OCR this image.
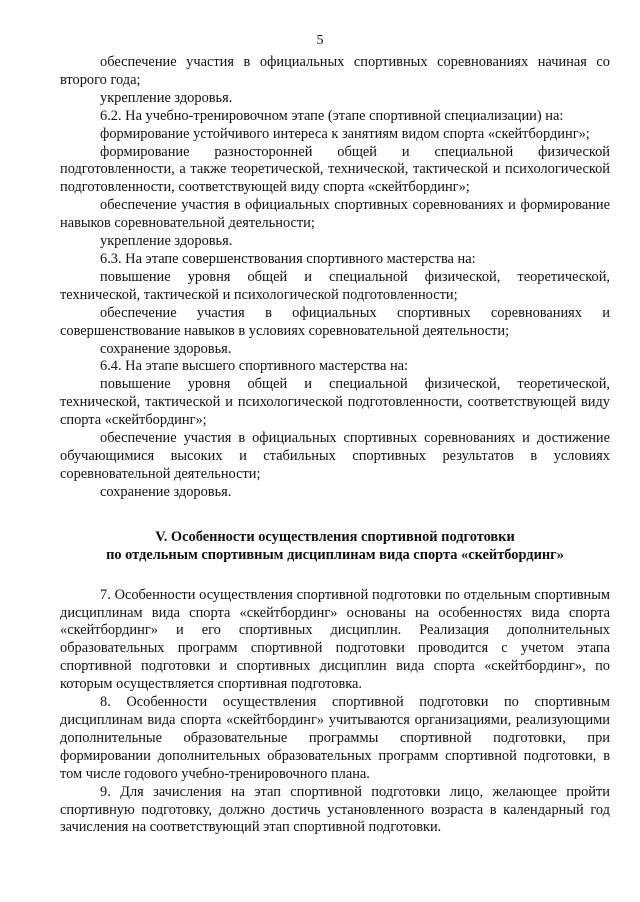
5

обеспечение участия в официальных спортивных соревнованиях начиная со второго года;

укрепление здоровья.

6.2. На учебно-тренировочном этапе (этапе спортивной специализации) на:

формирование устойчивого интереса к занятиям видом спорта «скейтбординг»;

формирование разносторонней общей и специальной физической подготовленности, а также теоретической, технической, тактической и психологической подготовленности, соответствующей виду спорта «скейтбординг»;

обеспечение участия в официальных спортивных соревнованиях и формирование навыков соревновательной деятельности;

укрепление здоровья.

6.3. На этапе совершенствования спортивного мастерства на:

повышение уровня общей и специальной физической, теоретической, технической, тактической и психологической подготовленности;

обеспечение участия в официальных спортивных соревнованиях и совершенствование навыков в условиях соревновательной деятельности;

сохранение здоровья.

6.4. На этапе высшего спортивного мастерства на:

повышение уровня общей и специальной физической, теоретической, технической, тактической и психологической подготовленности, соответствующей виду спорта «скейтбординг»;

обеспечение участия в официальных спортивных соревнованиях и достижение обучающимися высоких и стабильных спортивных результатов в условиях соревновательной деятельности;

сохранение здоровья.

V. Особенности осуществления спортивной подготовки
по отдельным спортивным дисциплинам вида спорта «скейтбординг»

7. Особенности осуществления спортивной подготовки по отдельным спортивным дисциплинам вида спорта «скейтбординг» основаны на особенностях вида спорта «скейтбординг» и его спортивных дисциплин. Реализация дополнительных образовательных программ спортивной подготовки проводится с учетом этапа спортивной подготовки и спортивных дисциплин вида спорта «скейтбординг», по которым осуществляется спортивная подготовка.

8. Особенности осуществления спортивной подготовки по спортивным дисциплинам вида спорта «скейтбординг» учитываются организациями, реализующими дополнительные образовательные программы спортивной подготовки, при формировании дополнительных образовательных программ спортивной подготовки, в том числе годового учебно-тренировочного плана.

9. Для зачисления на этап спортивной подготовки лицо, желающее пройти спортивную подготовку, должно достичь установленного возраста в календарный год зачисления на соответствующий этап спортивной подготовки.
